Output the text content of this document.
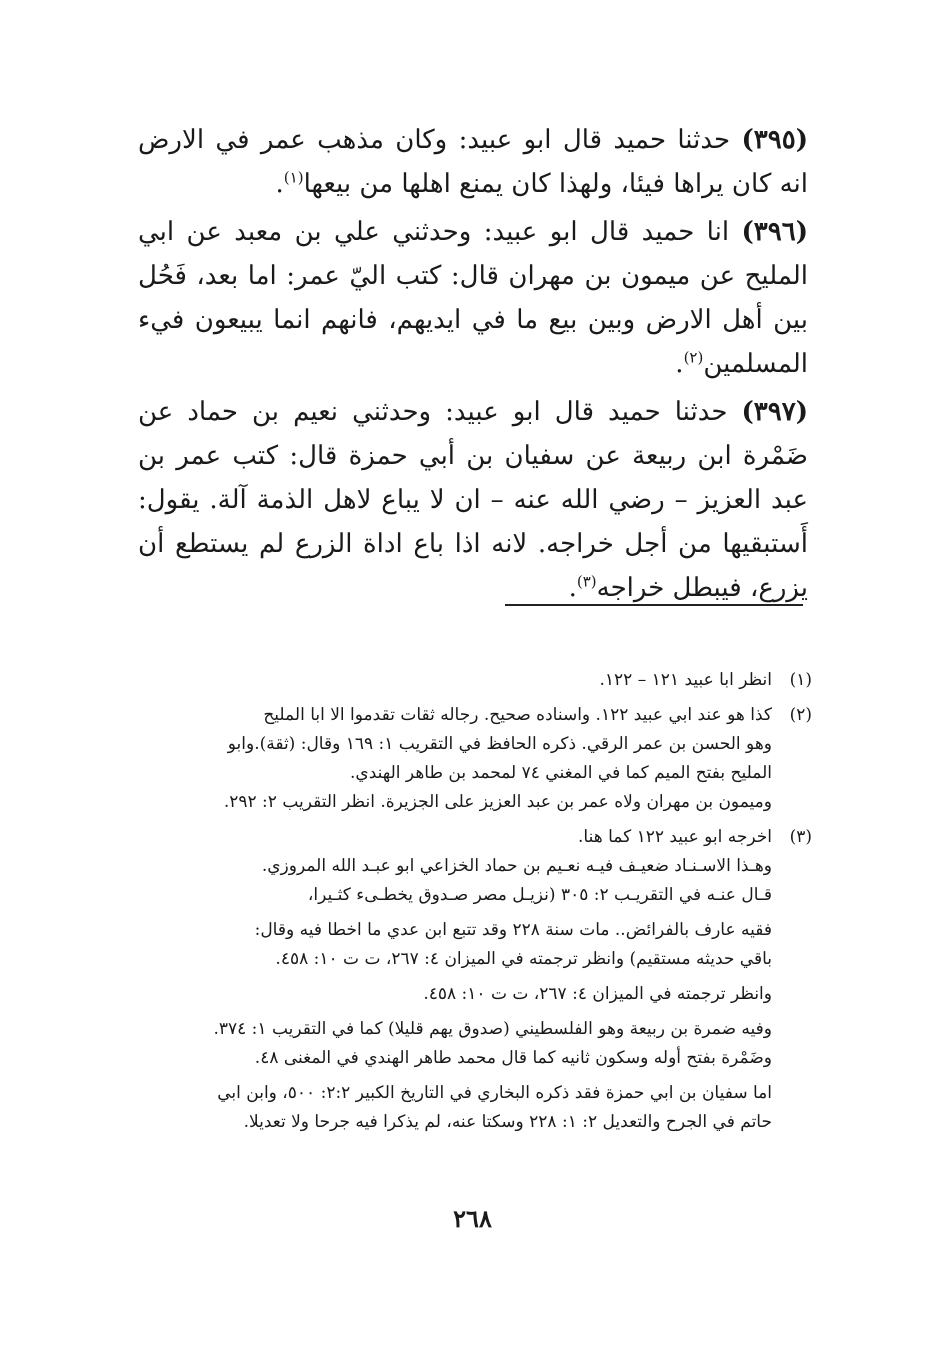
(٣٩٥) حدثنا حميد قال ابو عبيد: وكان مذهب عمر في الارض انه كان يراها فيئا، ولهذا كان يمنع اهلها من بيعها$^{(١)}$.

(٣٩٦) انا حميد قال ابو عبيد: وحدثني علي بن معبد عن ابي المليح عن ميمون بن مهران قال: كتب اليّ عمر: اما بعد، فَحُل بين أهل الارض وبين بيع ما في ايديهم، فانهم انما يبيعون فيء المسلمين$^{(٢)}$.

(٣٩٧) حدثنا حميد قال ابو عبيد: وحدثني نعيم بن حماد عن ضَمْرة ابن ربيعة عن سفيان بن أبي حمزة قال: كتب عمر بن عبد العزيز – رضي الله عنه – ان لا يباع لاهل الذمة آلة. يقول: أَستبقيها من أجل خراجه. لانه اذا باع اداة الزرع لم يستطع أن يزرع، فيبطل خراجه$^{(٣)}$.

(١)
انظر ابا عبيد ١٢١ – ١٢٢.
(٢)
كذا هو عند ابي عبيد ١٢٢. واسناده صحيح. رجاله ثقات تقدموا الا ابا المليح
وهو الحسن بن عمر الرقي. ذكره الحافظ في التقريب ١: ١٦٩ وقال: (ثقة).وابو
المليح بفتح الميم كما في المغني ٧٤ لمحمد بن طاهر الهندي.
وميمون بن مهران ولاه عمر بن عبد العزيز على الجزيرة. انظر التقريب ٢: ٢٩٢.
(٣)
اخرجه ابو عبيد ١٢٢ كما هنا.
وهـذا الاسـنـاد ضعيـف فيـه نعـيم بن حماد الخزاعي ابو عبـد الله المروزي.
قـال عنـه في التقريـب ٢: ٣٠٥ (نزيـل مصر صـدوق يخطـىء كثـيرا،
فقيه عارف بالفرائض.. مات سنة ٢٢٨ وقد تتبع ابن عدي ما اخطا فيه وقال:
باقي حديثه مستقيم) وانظر ترجمته في الميزان ٤: ٢٦٧، ت ت ١٠: ٤٥٨.
وانظر ترجمته في الميزان ٤: ٢٦٧، ت ت ١٠: ٤٥٨.
وفيه ضمرة بن ربيعة وهو الفلسطيني (صدوق يهم قليلا) كما في التقريب ١: ٣٧٤.
وضَمْرة بفتح أوله وسكون ثانيه كما قال محمد طاهر الهندي في المغنى ٤٨.
اما سفيان بن ابي حمزة فقد ذكره البخاري في التاريخ الكبير ٢:٢: ٥٠٠، وابن ابي
حاتم في الجرح والتعديل ٢: ١: ٢٢٨ وسكتا عنه، لم يذكرا فيه جرحا ولا تعديلا.
٢٦٨
